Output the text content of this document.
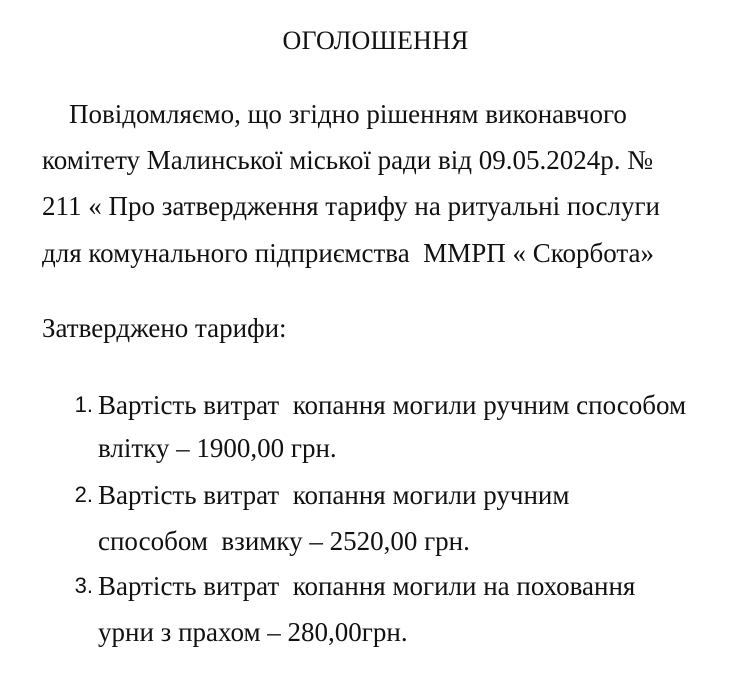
ОГОЛОШЕННЯ
Повідомляємо, що згідно рішенням виконавчого
комітету Малинської міської ради від 09.05.2024р. №
211 « Про затвердження тарифу на ритуальні послуги
для комунального підприємства  ММРП « Скорбота»
Затверджено тарифи:
1. Вартість витрат  копання могили ручним способом
влітку – 1900,00 грн.
2. Вартість витрат  копання могили ручним
способом  взимку – 2520,00 грн.
3. Вартість витрат  копання могили на поховання
урни з прахом – 280,00грн.
